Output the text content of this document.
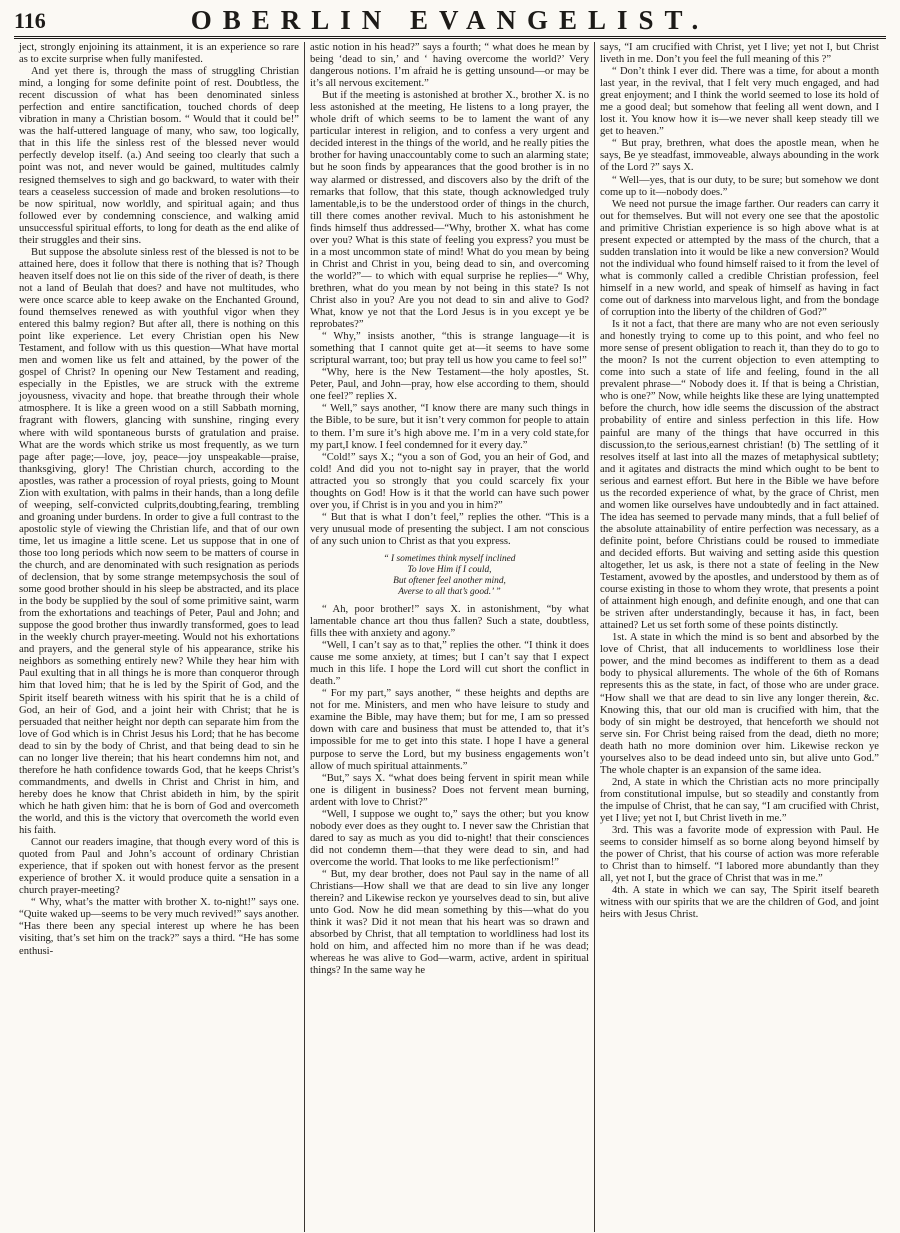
116	OBERLIN EVANGELIST.

ject, strongly enjoining its attainment, it is an experience so rare as to excite surprise when fully manifested.

And yet there is, through the mass of struggling Christian mind, a longing for some definite point of rest. Doubtless, the recent discussion of what has been denominated sinless perfection and entire sanctification, touched chords of deep vibration in many a Christian bosom. “ Would that it could be!” was the half-uttered language of many, who saw, too logically, that in this life the sinless rest of the blessed never would perfectly develop itself. (a.) And seeing too clearly that such a point was not, and never would be gained, multitudes calmly resigned themselves to sigh and go backward, to water with their tears a ceaseless succession of made and broken resolutions—to be now spiritual, now worldly, and spiritual again; and thus followed ever by condemning conscience, and walking amid unsuccessful spiritual efforts, to long for death as the end alike of their struggles and their sins.

But suppose the absolute sinless rest of the blessed is not to be attained here, does it follow that there is nothing that is? Though heaven itself does not lie on this side of the river of death, is there not a land of Beulah that does? and have not multitudes, who were once scarce able to keep awake on the Enchanted Ground, found themselves renewed as with youthful vigor when they entered this balmy region? But after all, there is nothing on this point like experience. Let every Christian open his New Testament, and follow with us this question—What have mortal men and women like us felt and attained, by the power of the gospel of Christ? In opening our New Testament and reading, especially in the Epistles, we are struck with the extreme joyousness, vivacity and hope. that breathe through their whole atmosphere. It is like a green wood on a still Sabbath morning, fragrant with flowers, glancing with sunshine, ringing every where with wild spontaneous bursts of gratulation and praise. What are the words which strike us most frequently, as we turn page after page;—love, joy, peace—joy unspeakable—praise, thanksgiving, glory! The Christian church, according to the apostles, was rather a procession of royal priests, going to Mount Zion with exultation, with palms in their hands, than a long defile of weeping, self-convicted culprits,doubting,fearing, trembling and groaning under burdens. In order to give a full contrast to the apostolic style of viewing the Christian life, and that of our own time, let us imagine a little scene. Let us suppose that in one of those too long periods which now seem to be matters of course in the church, and are denominated with such resignation as periods of declension, that by some strange metempsychosis the soul of some good brother should in his sleep be abstracted, and its place in the body be supplied by the soul of some primitive saint, warm from the exhortations and teachings of Peter, Paul and John; and suppose the good brother thus inwardly transformed, goes to lead in the weekly church prayer-meeting. Would not his exhortations and prayers, and the general style of his appearance, strike his neighbors as something entirely new? While they hear him with Paul exulting that in all things he is more than conqueror through him that loved him; that he is led by the Spirit of God, and the Spirit itself beareth witness with his spirit that he is a child of God, an heir of God, and a joint heir with Christ; that he is persuaded that neither height nor depth can separate him from the love of God which is in Christ Jesus his Lord; that he has become dead to sin by the body of Christ, and that being dead to sin he can no longer live therein; that his heart condemns him not, and therefore he hath confidence towards God, that he keeps Christ’s commandments, and dwells in Christ and Christ in him, and hereby does he know that Christ abideth in him, by the spirit which he hath given him: that he is born of God and overcometh the world, and this is the victory that overcometh the world even his faith.

Cannot our readers imagine, that though every word of this is quoted from Paul and John’s account of ordinary Christian experience, that if spoken out with honest fervor as the present experience of brother X. it would produce quite a sensation in a church prayer-meeting?

“ Why, what’s the matter with brother X. to-night!” says one. “Quite waked up—seems to be very much revived!” says another. “Has there been any special interest up where he has been visiting, that’s set him on the track?” says a third. “He has some enthusi-

astic notion in his head?” says a fourth; “ what does he mean by being ‘dead to sin,’ and ‘ having overcome the world?’ Very dangerous notions. I’m afraid he is getting unsound—or may be it’s all nervous excitement.”

But if the meeting is astonished at brother X., brother X. is no less astonished at the meeting, He listens to a long prayer, the whole drift of which seems to be to lament the want of any particular interest in religion, and to confess a very urgent and decided interest in the things of the world, and he really pities the brother for having unaccountably come to such an alarming state; but he soon finds by appearances that the good brother is in no way alarmed or distressed, and discovers also by the drift of the remarks that follow, that this state, though acknowledged truly lamentable,is to be the understood order of things in the church, till there comes another revival. Much to his astonishment he finds himself thus addressed—“Why, brother X. what has come over you? What is this state of feeling you express? you must be in a most uncommon state of mind! What do you mean by being in Christ and Christ in you, being dead to sin, and overcoming the world?”— to which with equal surprise he replies—“ Why, brethren, what do you mean by not being in this state? Is not Christ also in you? Are you not dead to sin and alive to God? What, know ye not that the Lord Jesus is in you except ye be reprobates?”

“ Why,” insists another, “this is strange language—it is something that I cannot quite get at—it seems to have some scriptural warrant, too; but pray tell us how you came to feel so!”

“Why, here is the New Testament—the holy apostles, St. Peter, Paul, and John—pray, how else according to them, should one feel?” replies X.

“ Well,” says another, “I know there are many such things in the Bible, to be sure, but it isn’t very common for people to attain to them. I’m sure it’s high above me. I’m in a very cold state,for my part,I know. I feel condemned for it every day.”

“Cold!” says X.; “you a son of God, you an heir of God, and cold! And did you not to-night say in prayer, that the world attracted you so strongly that you could scarcely fix your thoughts on God! How is it that the world can have such power over you, if Christ is in you and you in him?”

“ But that is what I don’t feel,” replies the other. “This is a very unusual mode of presenting the subject. I am not conscious of any such union to Christ as that you express.

“ I sometimes think myself inclined
To love Him if I could,
But oftener feel another mind,
Averse to all that’s good.’ ”

“ Ah, poor brother!” says X. in astonishment, “by what lamentable chance art thou thus fallen? Such a state, doubtless, fills thee with anxiety and agony.”

“Well, I can’t say as to that,” replies the other. “I think it does cause me some anxiety, at times; but I can’t say that I expect much in this life. I hope the Lord will cut short the conflict in death.”

“ For my part,” says another, “ these heights and depths are not for me. Ministers, and men who have leisure to study and examine the Bible, may have them; but for me, I am so pressed down with care and business that must be attended to, that it’s impossible for me to get into this state. I hope I have a general purpose to serve the Lord, but my business engagements won’t allow of much spiritual attainments.”

“But,” says X. “what does being fervent in spirit mean while one is diligent in business? Does not fervent mean burning, ardent with love to Christ?”

“Well, I suppose we ought to,” says the other; but you know nobody ever does as they ought to. I never saw the Christian that dared to say as much as you did to-night! that their consciences did not condemn them—that they were dead to sin, and had overcome the world. That looks to me like perfectionism!”

“ But, my dear brother, does not Paul say in the name of all Christians—How shall we that are dead to sin live any longer therein? and Likewise reckon ye yourselves dead to sin, but alive unto God. Now he did mean something by this—what do you think it was? Did it not mean that his heart was so drawn and absorbed by Christ, that all temptation to worldliness had lost its hold on him, and affected him no more than if he was dead; whereas he was alive to God—warm, active, ardent in spiritual things? In the same way he

says, “I am crucified with Christ, yet I live; yet not I, but Christ liveth in me. Don’t you feel the full meaning of this ?”

“ Don’t think I ever did. There was a time, for about a month last year, in the revival, that I felt very much engaged, and had great enjoyment; and I think the world seemed to lose its hold of me a good deal; but somehow that feeling all went down, and I lost it. You know how it is—we never shall keep steady till we get to heaven.”

“ But pray, brethren, what does the apostle mean, when he says, Be ye steadfast, immoveable, always abounding in the work of the Lord ?” says X.

“ Well—yes, that is our duty, to be sure; but somehow we dont come up to it—nobody does.”

We need not pursue the image farther. Our readers can carry it out for themselves. But will not every one see that the apostolic and primitive Christian experience is so high above what is at present expected or attempted by the mass of the church, that a sudden translation into it would be like a new conversion? Would not the individual who found himself raised to it from the level of what is commonly called a credible Christian profession, feel himself in a new world, and speak of himself as having in fact come out of darkness into marvelous light, and from the bondage of corruption into the liberty of the children of God?”

Is it not a fact, that there are many who are not even seriously and honestly trying to come up to this point, and who feel no more sense of present obligation to reach it, than they do to go to the moon? Is not the current objection to even attempting to come into such a state of life and feeling, found in the all prevalent phrase—“ Nobody does it. If that is being a Christian, who is one?” Now, while heights like these are lying unattempted before the church, how idle seems the discussion of the abstract probability of entire and sinless perfection in this life. How painful are many of the things that have occurred in this discussion,to the serious,earnest christian! (b) The settling of it resolves itself at last into all the mazes of metaphysical subtlety; and it agitates and distracts the mind which ought to be bent to serious and earnest effort. But here in the Bible we have before us the recorded experience of what, by the grace of Christ, men and women like ourselves have undoubtedly and in fact attained. The idea has seemed to pervade many minds, that a full belief of the absolute attainability of entire perfection was necessary, as a definite point, before Christians could be roused to immediate and decided efforts. But waiving and setting aside this question altogether, let us ask, is there not a state of feeling in the New Testament, avowed by the apostles, and understood by them as of course existing in those to whom they wrote, that presents a point of attainment high enough, and definite enough, and one that can be striven after understandingly, because it has, in fact, been attained? Let us set forth some of these points distinctly.

1st. A state in which the mind is so bent and absorbed by the love of Christ, that all inducements to worldliness lose their power, and the mind becomes as indifferent to them as a dead body to physical allurements. The whole of the 6th of Romans represents this as the state, in fact, of those who are under grace. “How shall we that are dead to sin live any longer therein, &c. Knowing this, that our old man is crucified with him, that the body of sin might be destroyed, that henceforth we should not serve sin. For Christ being raised from the dead, dieth no more; death hath no more dominion over him. Likewise reckon ye yourselves also to be dead indeed unto sin, but alive unto God.” The whole chapter is an expansion of the same idea.

2nd, A state in which the Christian acts no more principally from constitutional impulse, but so steadily and constantly from the impulse of Christ, that he can say, “I am crucified with Christ, yet I live; yet not I, but Christ liveth in me.”

3rd. This was a favorite mode of expression with Paul. He seems to consider himself as so borne along beyond himself by the power of Christ, that his course of action was more referable to Christ than to himself. “I labored more abundantly than they all, yet not I, but the grace of Christ that was in me.”

4th. A state in which we can say, The Spirit itself beareth witness with our spirits that we are the children of God, and joint heirs with Jesus Christ.
